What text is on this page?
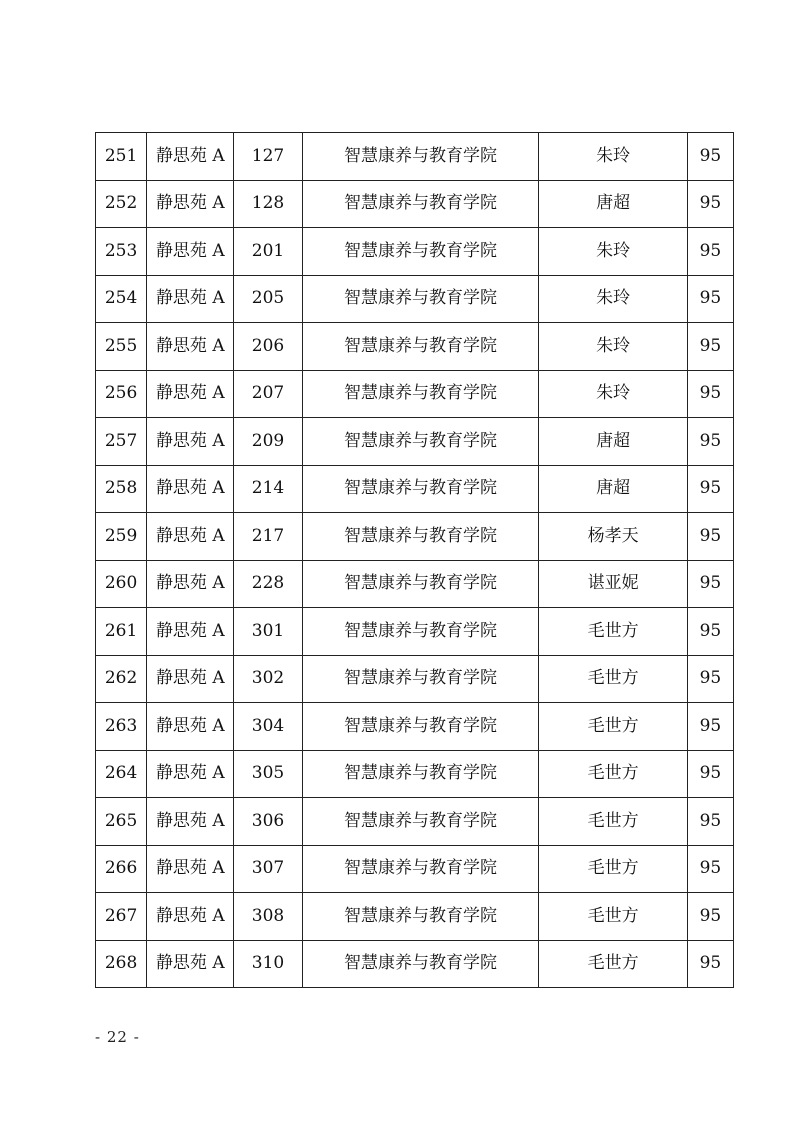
251	静思苑 A	127	智慧康养与教育学院	朱玲	95
252	静思苑 A	128	智慧康养与教育学院	唐超	95
253	静思苑 A	201	智慧康养与教育学院	朱玲	95
254	静思苑 A	205	智慧康养与教育学院	朱玲	95
255	静思苑 A	206	智慧康养与教育学院	朱玲	95
256	静思苑 A	207	智慧康养与教育学院	朱玲	95
257	静思苑 A	209	智慧康养与教育学院	唐超	95
258	静思苑 A	214	智慧康养与教育学院	唐超	95
259	静思苑 A	217	智慧康养与教育学院	杨孝天	95
260	静思苑 A	228	智慧康养与教育学院	谌亚妮	95
261	静思苑 A	301	智慧康养与教育学院	毛世方	95
262	静思苑 A	302	智慧康养与教育学院	毛世方	95
263	静思苑 A	304	智慧康养与教育学院	毛世方	95
264	静思苑 A	305	智慧康养与教育学院	毛世方	95
265	静思苑 A	306	智慧康养与教育学院	毛世方	95
266	静思苑 A	307	智慧康养与教育学院	毛世方	95
267	静思苑 A	308	智慧康养与教育学院	毛世方	95
268	静思苑 A	310	智慧康养与教育学院	毛世方	95
- 22 -
